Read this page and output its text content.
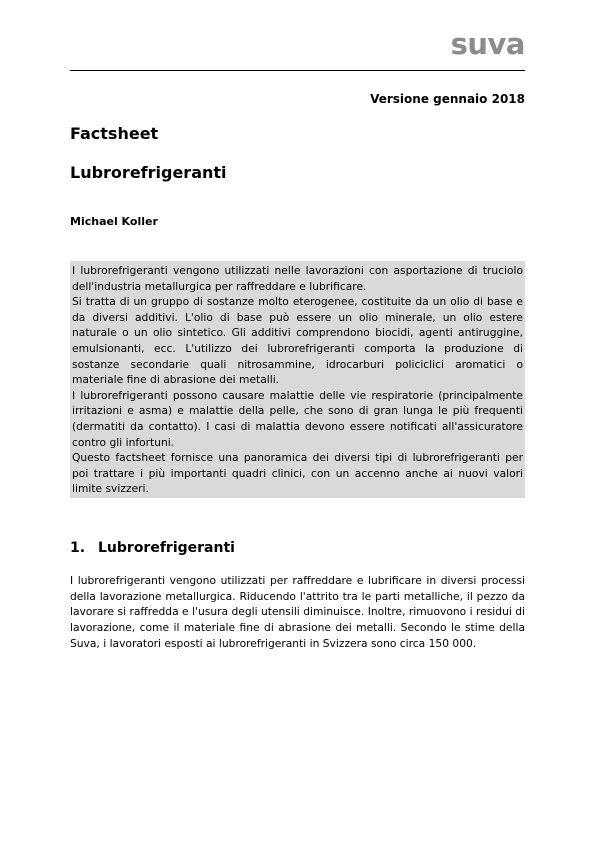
suva
Versione gennaio 2018
Factsheet
Lubrorefrigeranti
Michael Koller

I lubrorefrigeranti vengono utilizzati nelle lavorazioni con asportazione di truciolo dell'industria metallurgica per raffreddare e lubrificare.

Si tratta di un gruppo di sostanze molto eterogenee, costituite da un olio di base e da diversi additivi. L'olio di base può essere un olio minerale, un olio estere naturale o un olio sintetico. Gli additivi comprendono biocidi, agenti antiruggine, emulsionanti, ecc. L'utilizzo dei lubrorefrigeranti comporta la produzione di sostanze secondarie quali nitrosammine, idrocarburi policiclici aromatici o materiale fine di abrasione dei metalli.

I lubrorefrigeranti possono causare malattie delle vie respiratorie (principalmente irritazioni e asma) e malattie della pelle, che sono di gran lunga le più frequenti (dermatiti da contatto). I casi di malattia devono essere notificati all'assicuratore contro gli infortuni.

Questo factsheet fornisce una panoramica dei diversi tipi di lubrorefrigeranti per poi trattare i più importanti quadri clinici, con un accenno anche ai nuovi valori limite svizzeri.

1. Lubrorefrigeranti

I lubrorefrigeranti vengono utilizzati per raffreddare e lubrificare in diversi processi della lavorazione metallurgica. Riducendo l'attrito tra le parti metalliche, il pezzo da lavorare si raffredda e l'usura degli utensili diminuisce. Inoltre, rimuovono i residui di lavorazione, come il materiale fine di abrasione dei metalli. Secondo le stime della Suva, i lavoratori esposti ai lubrorefrigeranti in Svizzera sono circa 150 000.
